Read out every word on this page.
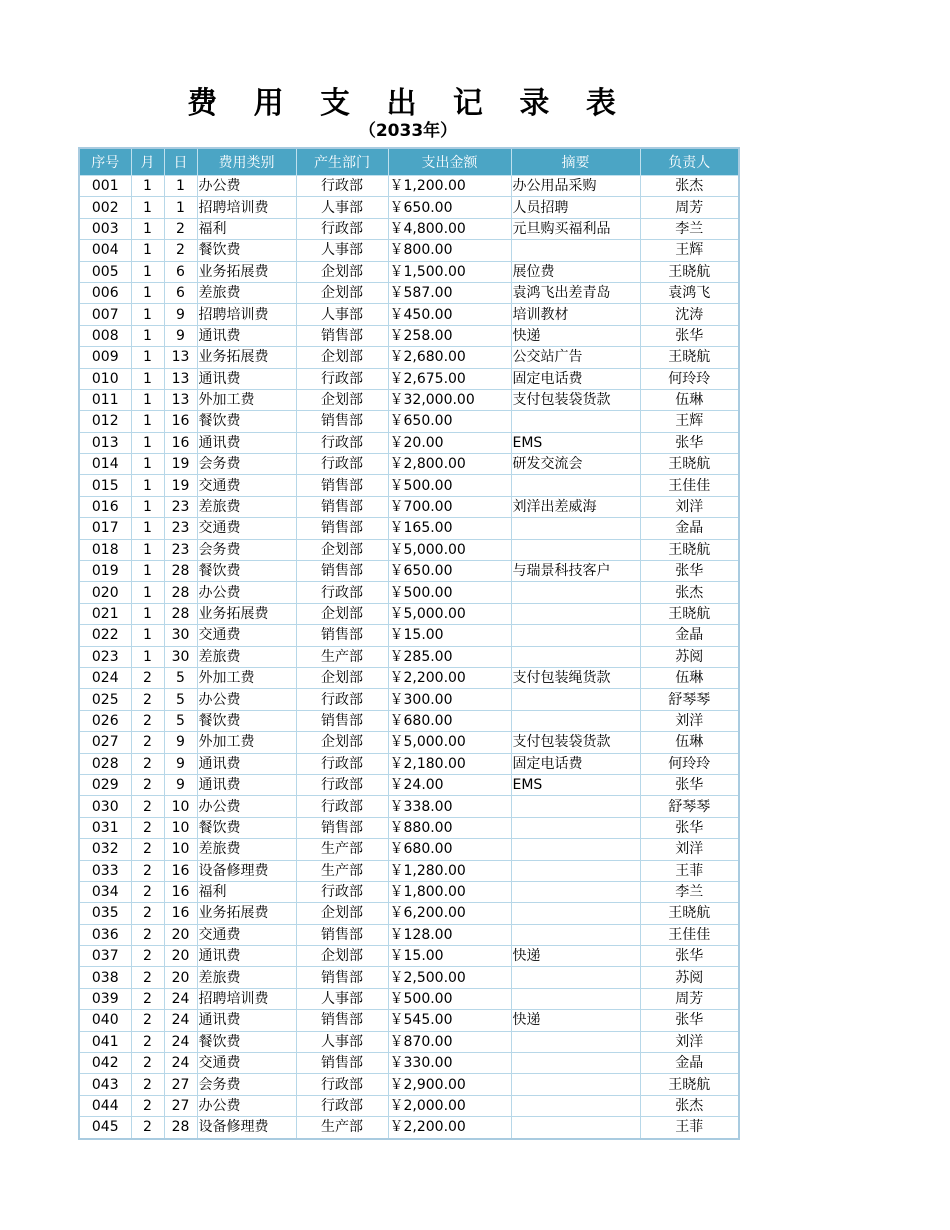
费 用 支 出 记 录 表
（2033年）
序号	月	日	费用类别	产生部门	支出金额	摘要	负责人
001	1	1	办公费	行政部	￥1,200.00	办公用品采购	张杰
002	1	1	招聘培训费	人事部	￥650.00	人员招聘	周芳
003	1	2	福利	行政部	￥4,800.00	元旦购买福利品	李兰
004	1	2	餐饮费	人事部	￥800.00		王辉
005	1	6	业务拓展费	企划部	￥1,500.00	展位费	王晓航
006	1	6	差旅费	企划部	￥587.00	袁鸿飞出差青岛	袁鸿飞
007	1	9	招聘培训费	人事部	￥450.00	培训教材	沈涛
008	1	9	通讯费	销售部	￥258.00	快递	张华
009	1	13	业务拓展费	企划部	￥2,680.00	公交站广告	王晓航
010	1	13	通讯费	行政部	￥2,675.00	固定电话费	何玲玲
011	1	13	外加工费	企划部	￥32,000.00	支付包装袋货款	伍琳
012	1	16	餐饮费	销售部	￥650.00		王辉
013	1	16	通讯费	行政部	￥20.00	EMS	张华
014	1	19	会务费	行政部	￥2,800.00	研发交流会	王晓航
015	1	19	交通费	销售部	￥500.00		王佳佳
016	1	23	差旅费	销售部	￥700.00	刘洋出差威海	刘洋
017	1	23	交通费	销售部	￥165.00		金晶
018	1	23	会务费	企划部	￥5,000.00		王晓航
019	1	28	餐饮费	销售部	￥650.00	与瑞景科技客户	张华
020	1	28	办公费	行政部	￥500.00		张杰
021	1	28	业务拓展费	企划部	￥5,000.00		王晓航
022	1	30	交通费	销售部	￥15.00		金晶
023	1	30	差旅费	生产部	￥285.00		苏阅
024	2	5	外加工费	企划部	￥2,200.00	支付包装绳货款	伍琳
025	2	5	办公费	行政部	￥300.00		舒琴琴
026	2	5	餐饮费	销售部	￥680.00		刘洋
027	2	9	外加工费	企划部	￥5,000.00	支付包装袋货款	伍琳
028	2	9	通讯费	行政部	￥2,180.00	固定电话费	何玲玲
029	2	9	通讯费	行政部	￥24.00	EMS	张华
030	2	10	办公费	行政部	￥338.00		舒琴琴
031	2	10	餐饮费	销售部	￥880.00		张华
032	2	10	差旅费	生产部	￥680.00		刘洋
033	2	16	设备修理费	生产部	￥1,280.00		王菲
034	2	16	福利	行政部	￥1,800.00		李兰
035	2	16	业务拓展费	企划部	￥6,200.00		王晓航
036	2	20	交通费	销售部	￥128.00		王佳佳
037	2	20	通讯费	企划部	￥15.00	快递	张华
038	2	20	差旅费	销售部	￥2,500.00		苏阅
039	2	24	招聘培训费	人事部	￥500.00		周芳
040	2	24	通讯费	销售部	￥545.00	快递	张华
041	2	24	餐饮费	人事部	￥870.00		刘洋
042	2	24	交通费	销售部	￥330.00		金晶
043	2	27	会务费	行政部	￥2,900.00		王晓航
044	2	27	办公费	行政部	￥2,000.00		张杰
045	2	28	设备修理费	生产部	￥2,200.00		王菲
